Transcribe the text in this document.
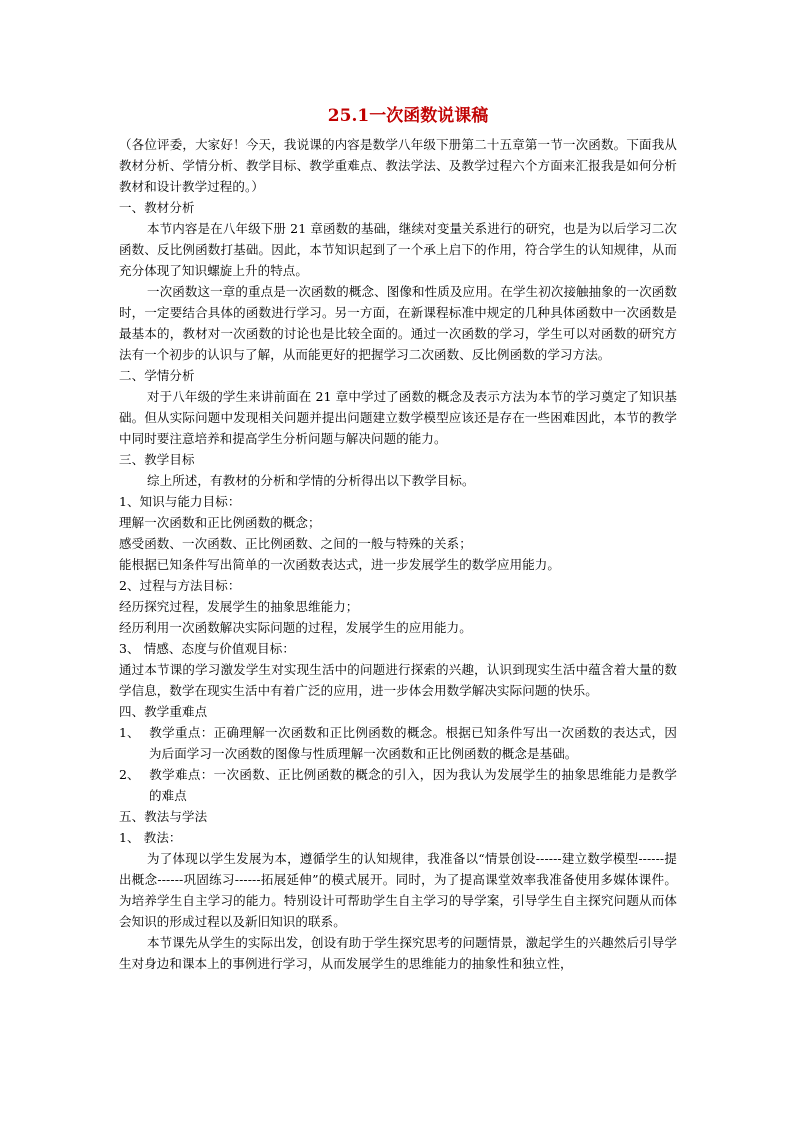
25.1一次函数说课稿

（各位评委，大家好！今天，我说课的内容是数学八年级下册第二十五章第一节一次函数。下面我从教材分析、学情分析、教学目标、教学重难点、教法学法、及教学过程六个方面来汇报我是如何分析教材和设计教学过程的。）

一、教材分析

本节内容是在八年级下册 21 章函数的基础，继续对变量关系进行的研究，也是为以后学习二次函数、反比例函数打基础。因此，本节知识起到了一个承上启下的作用，符合学生的认知规律，从而充分体现了知识螺旋上升的特点。

一次函数这一章的重点是一次函数的概念、图像和性质及应用。在学生初次接触抽象的一次函数时，一定要结合具体的函数进行学习。另一方面，在新课程标准中规定的几种具体函数中一次函数是最基本的，教材对一次函数的讨论也是比较全面的。通过一次函数的学习，学生可以对函数的研究方法有一个初步的认识与了解，从而能更好的把握学习二次函数、反比例函数的学习方法。

二、学情分析

对于八年级的学生来讲前面在 21 章中学过了函数的概念及表示方法为本节的学习奠定了知识基础。但从实际问题中发现相关问题并提出问题建立数学模型应该还是存在一些困难因此，本节的教学中同时要注意培养和提高学生分析问题与解决问题的能力。

三、教学目标

综上所述，有教材的分析和学情的分析得出以下教学目标。

1、知识与能力目标：

理解一次函数和正比例函数的概念；

感受函数、一次函数、正比例函数、之间的一般与特殊的关系；

能根据已知条件写出简单的一次函数表达式，进一步发展学生的数学应用能力。

2、过程与方法目标：

经历探究过程，发展学生的抽象思维能力；

经历利用一次函数解决实际问题的过程，发展学生的应用能力。

3、 情感、态度与价值观目标：

通过本节课的学习激发学生对实现生活中的问题进行探索的兴趣，认识到现实生活中蕴含着大量的数学信息，数学在现实生活中有着广泛的应用，进一步体会用数学解决实际问题的快乐。

四、教学重难点

1、 教学重点：正确理解一次函数和正比例函数的概念。根据已知条件写出一次函数的表达式，因为后面学习一次函数的图像与性质理解一次函数和正比例函数的概念是基础。

2、 教学难点：一次函数、正比例函数的概念的引入，因为我认为发展学生的抽象思维能力是教学的难点

五、教法与学法

1、 教法：

为了体现以学生发展为本，遵循学生的认知规律，我准备以“情景创设------建立数学模型------提出概念------巩固练习------拓展延伸”的模式展开。同时，为了提高课堂效率我准备使用多媒体课件。为培养学生自主学习的能力。特别设计可帮助学生自主学习的导学案，引导学生自主探究问题从而体会知识的形成过程以及新旧知识的联系。

本节课先从学生的实际出发，创设有助于学生探究思考的问题情景，激起学生的兴趣然后引导学生对身边和课本上的事例进行学习，从而发展学生的思维能力的抽象性和独立性，
